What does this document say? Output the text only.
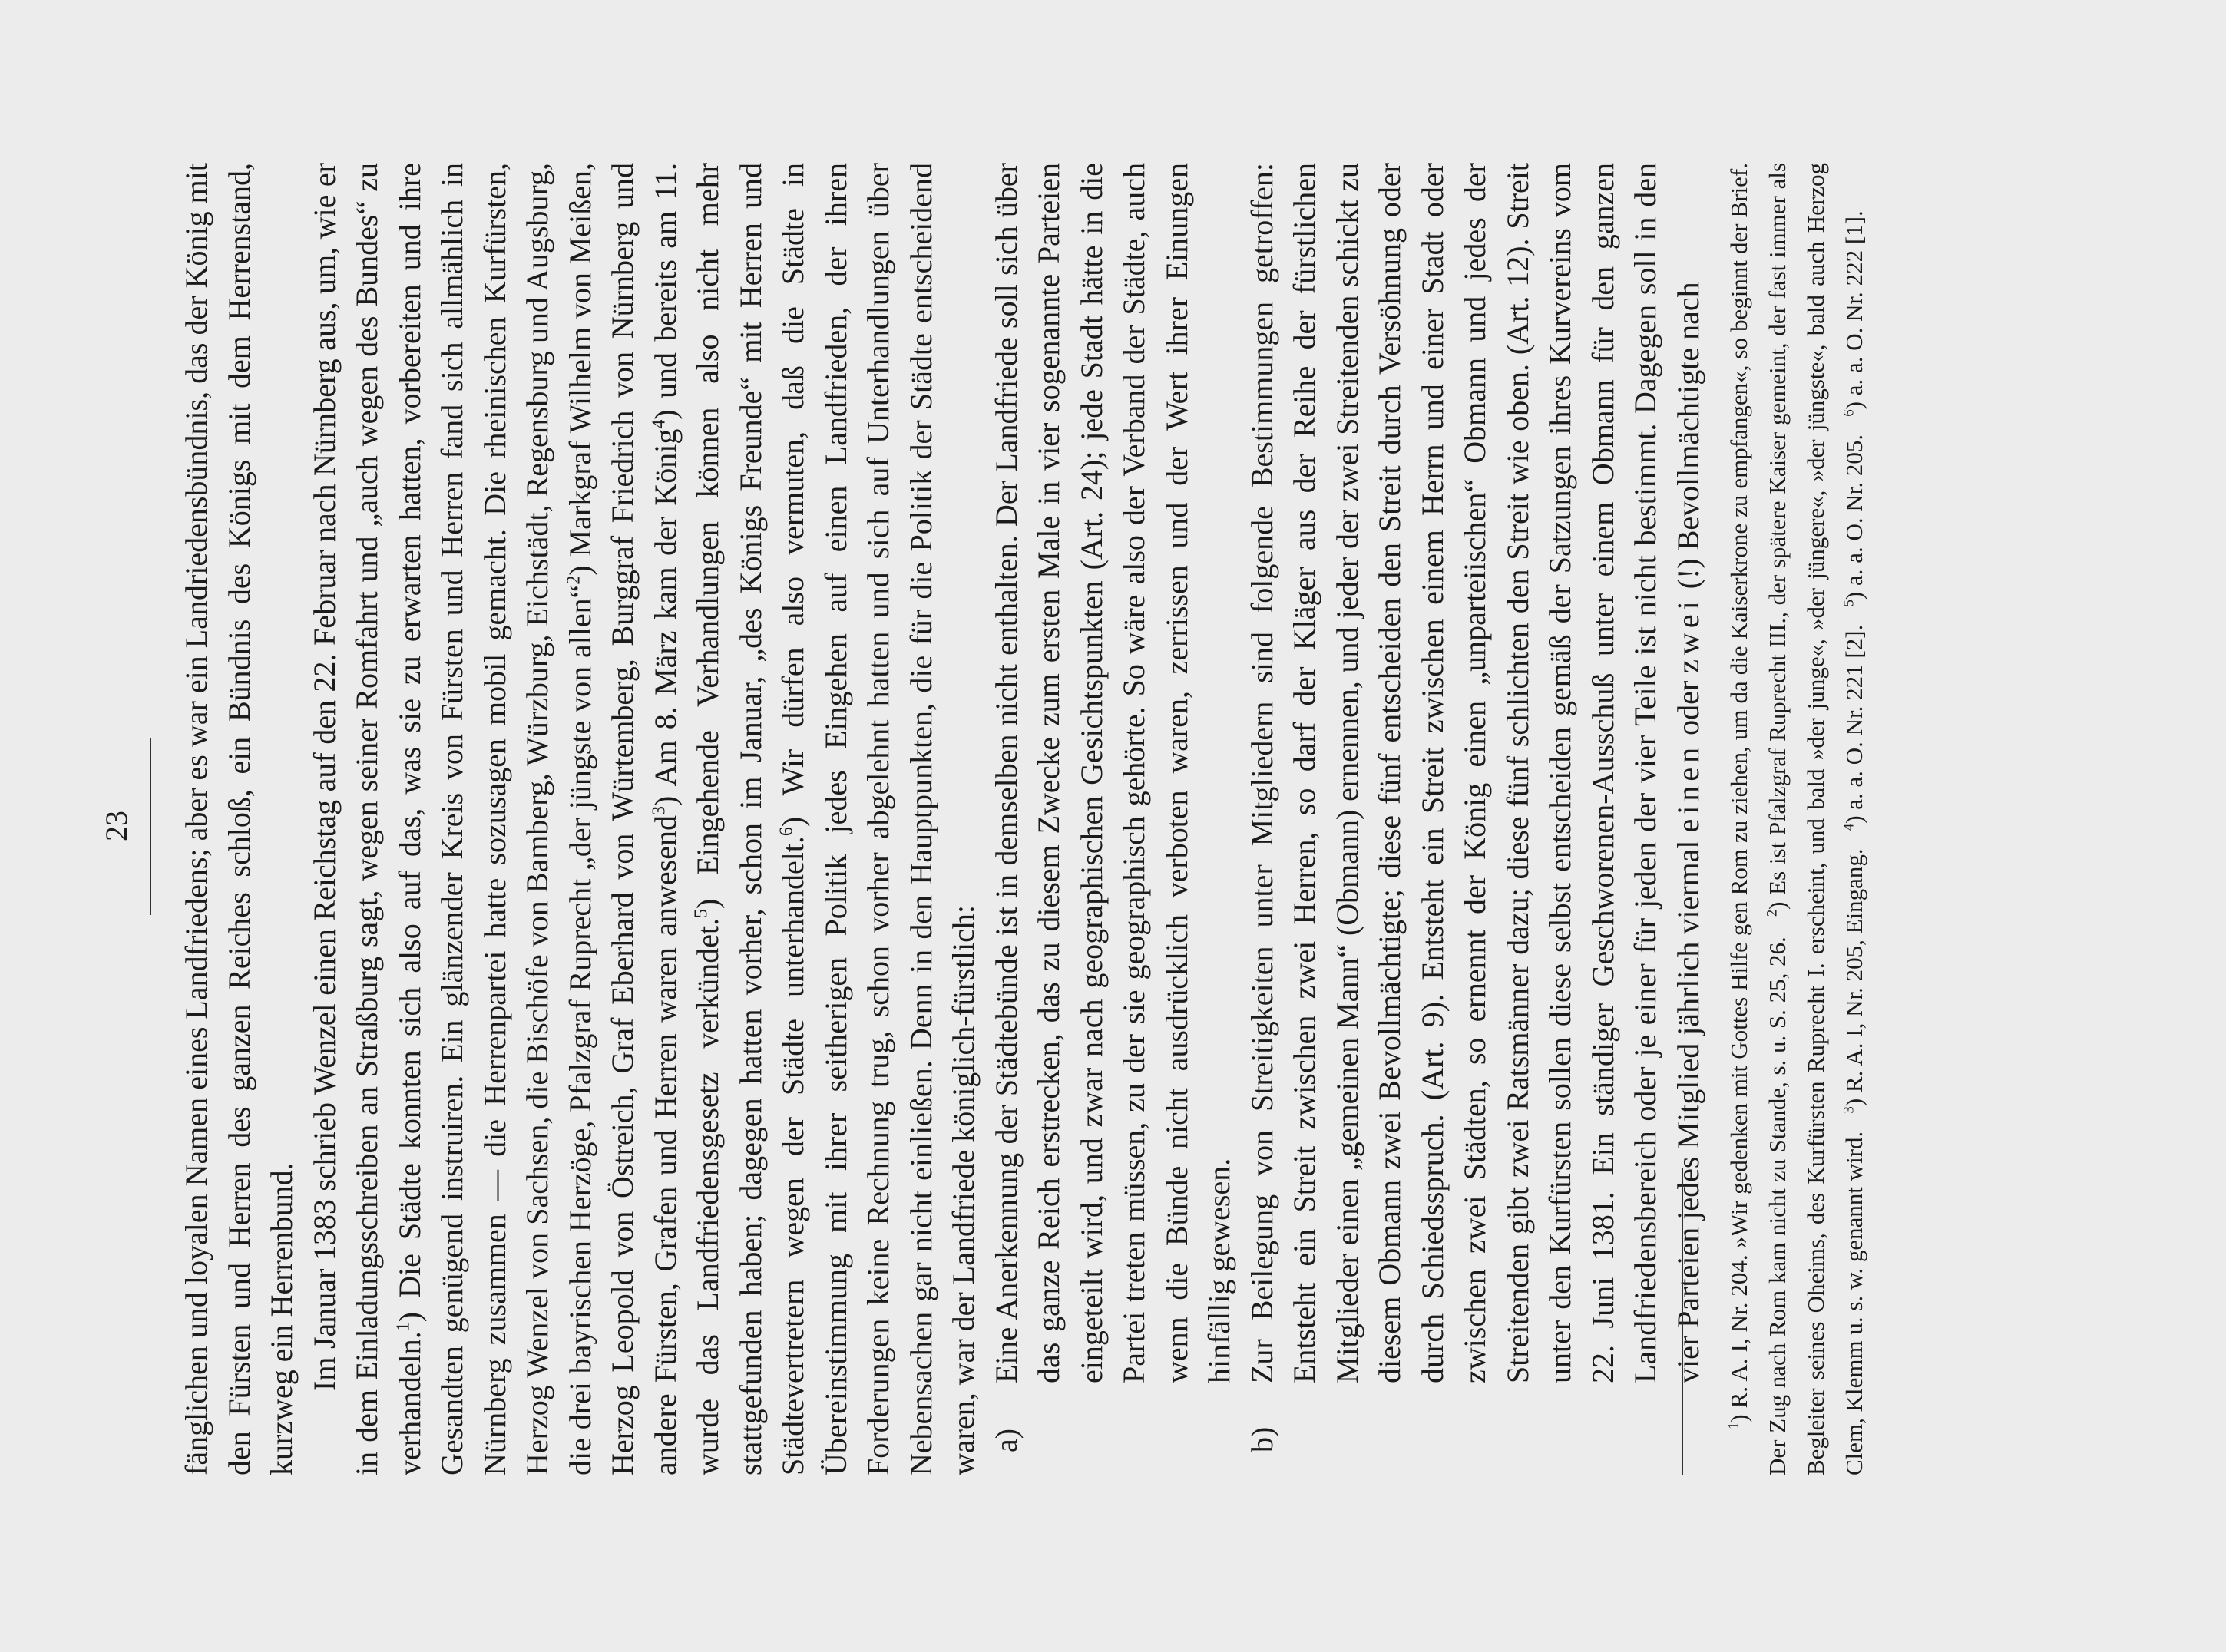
23 fänglichen und loyalen Namen eines Landfriedens; aber es war ein Landriedensbündnis, das der König mit den Fürsten und Herren des ganzen Reiches schloß, ein Bündnis des Königs mit dem Herrenstand, kurzweg ein Herrenbund. Im Januar 1383 schrieb Wenzel einen Reichstag auf den 22. Februar nach Nürnberg aus, um, wie er in dem Einladungsschreiben an Straßburg sagt, wegen seiner Romfahrt und „auch wegen des Bundes“ zu verhandeln.$^1$) Die Städte konnten sich also auf das, was sie zu erwarten hatten, vorbereiten und ihre Gesandten genügend instruiren. Ein glänzender Kreis von Fürsten und Herren fand sich allmählich in Nürnberg zusammen — die Herrenpartei hatte sozusagen mobil gemacht. Die rheinischen Kurfürsten, Herzog Wenzel von Sachsen, die Bischöfe von Bamberg, Würzburg, Eichstädt, Regensburg und Augsburg, die drei bayrischen Herzöge, Pfalzgraf Ruprecht „der jüngste von allen“$^2$) Markgraf Wilhelm von Meißen, Herzog Leopold von Östreich, Graf Eberhard von Würtemberg, Burggraf Friedrich von Nürnberg und andere Fürsten, Grafen und Herren waren anwesend$^3$) Am 8. März kam der König$^4$) und bereits am 11. wurde das Landfriedensgesetz verkündet.$^5$) Eingehende Verhandlungen können also nicht mehr stattgefunden haben; dagegen hatten vorher, schon im Januar, „des Königs Freunde“ mit Herren und Städtevertretern wegen der Städte unterhandelt.$^6$) Wir dürfen also vermuten, daß die Städte in Übereinstimmung mit ihrer seitherigen Politik jedes Eingehen auf einen Landfrieden, der ihren Forderungen keine Rechnung trug, schon vorher abgelehnt hatten und sich auf Unterhandlungen über Nebensachen gar nicht einließen. Denn in den Hauptpunkten, die für die Politik der Städte entscheidend waren, war der Landfriede königlich-fürstlich: a)
Eine Anerkennung der Städtebünde ist in demselben nicht enthalten. Der Landfriede soll sich über das ganze Reich erstrecken, das zu diesem Zwecke zum ersten Male in vier sogenannte Parteien eingeteilt wird, und zwar nach geographischen Gesichtspunkten (Art. 24); jede Stadt hätte in die Partei treten müssen, zu der sie geographisch gehörte. So wäre also der Verband der Städte, auch wenn die Bünde nicht ausdrücklich verboten waren, zerrissen und der Wert ihrer Einungen hinfällig gewesen.

b)
Zur Beilegung von Streitigkeiten unter Mitgliedern sind folgende Bestimmungen getroffen: Entsteht ein Streit zwischen zwei Herren, so darf der Kläger aus der Reihe der fürstlichen Mitglieder einen „gemeinen Mann“ (Obmann) ernennen, und jeder der zwei Streitenden schickt zu diesem Obmann zwei Bevollmächtigte; diese fünf entscheiden den Streit durch Versöhnung oder durch Schiedsspruch. (Art. 9). Entsteht ein Streit zwischen einem Herrn und einer Stadt oder zwischen zwei Städten, so ernennt der König einen „unparteiischen“ Obmann und jedes der Streitenden gibt zwei Ratsmänner dazu; diese fünf schlichten den Streit wie oben. (Art. 12). Streit unter den Kurfürsten sollen diese selbst entscheiden gemäß der Satzungen ihres Kurvereins vom 22. Juni 1381. Ein ständiger Geschworenen-Ausschuß unter einem Obmann für den ganzen Landfriedensbereich oder je einer für jeden der vier Teile ist nicht bestimmt. Dagegen soll in den vier Parteien jedes Mitglied jährlich viermal einen oder zwei (!) Bevollmächtigte nach

$^1$) R. A. I, Nr. 204. »Wir gedenken mit Gottes Hilfe gen Rom zu ziehen, um da die Kaiserkrone zu empfangen«, so beginnt der Brief. Der Zug nach Rom kam nicht zu Stande, s. u. S. 25, 26.   $^2$) Es ist Pfalzgraf Ruprecht III., der spätere Kaiser gemeint, der fast immer als Begleiter seines Oheims, des Kurfürsten Ruprecht I. erscheint, und bald »der junge«, »der jüngere«, »der jüngste«, bald auch Herzog Clem, Klemm u. s. w. genannt wird.   $^3$) R. A. I, Nr. 205, Eingang.   $^4$) a. a. O. Nr. 221 [2].   $^5$) a. a. O. Nr. 205.   $^6$) a. a. O. Nr. 222 [1].
